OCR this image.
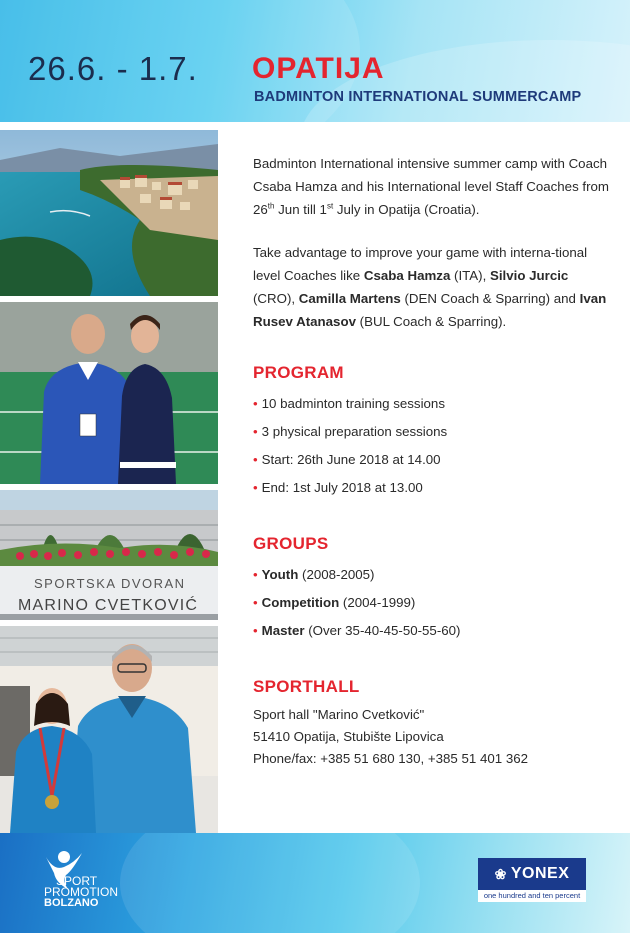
26.6. - 1.7. OPATIJA
BADMINTON INTERNATIONAL SUMMERCAMP
SPORTSKA DVORAN
MARINO CVETKOVIĆ
Badminton International intensive summer camp with Coach Csaba Hamza and his International level Staff Coaches from 26th Jun till 1st July in Opatija (Croatia).
Take advantage to improve your game with interna-tional level Coaches like Csaba Hamza (ITA), Silvio Jurcic (CRO), Camilla Martens (DEN Coach & Sparring) and Ivan Rusev Atanasov (BUL Coach & Sparring).
PROGRAM
• 10 badminton training sessions
• 3 physical preparation sessions
• Start: 26th June 2018 at 14.00
• End: 1st July 2018 at 13.00
GROUPS
• Youth (2008-2005)
• Competition (2004-1999)
• Master (Over 35-40-45-50-55-60)
SPORTHALL
Sport hall "Marino Cvetković"
51410 Opatija, Stubište Lipovica
Phone/fax: +385 51 680 130, +385 51 401 362
SPORT
PROMOTION
BOLZANO
❀ YONEX
one hundred and ten percent
